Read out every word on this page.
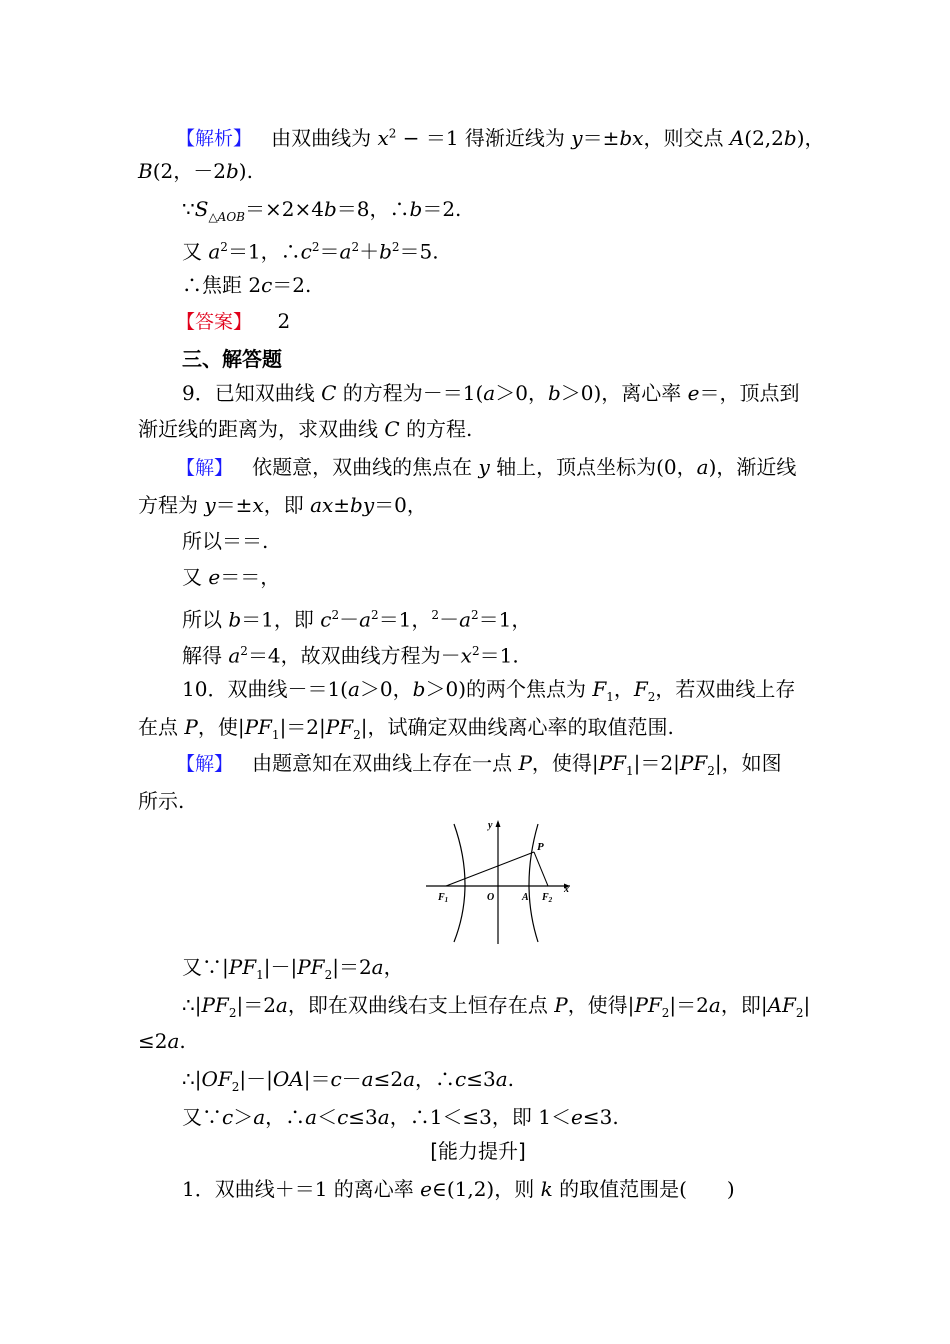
【解析】   由双曲线为 $x^2 - =1$ 得渐近线为 y＝±bx，则交点 A(2,2b)，
B(2，－2b).
$\because S_{\triangle AOB}=\times 2\times 4b=8$，∴b＝2.
又 $a^2=1$，$\therefore c^2=a^2+b^2=5$.
∴焦距 2c＝2.
【答案】    2
三、解答题
9．已知双曲线 C 的方程为－＝1(a＞0，b＞0)，离心率 e＝，顶点到
渐近线的距离为，求双曲线 C 的方程.
【解】   依题意，双曲线的焦点在 y 轴上，顶点坐标为(0，a)，渐近线
方程为 y＝±x，即 ax±by＝0，
所以＝＝.
又 e＝＝，
所以 b＝1，即 $c^2-a^2=1$，$^2-a^2=1$，
解得 $a^2=4$，故双曲线方程为$-x^2=1$.
10．双曲线－＝1(a＞0，b＞0)的两个焦点为 $F_1$，$F_2$，若双曲线上存
在点 P，使$|PF_1|=2|PF_2|$，试确定双曲线离心率的取值范围.
【解】   由题意知在双曲线上存在一点 P，使得$|PF_1|=2|PF_2|$，如图
所示.
y
x
P
$F_1$	O	A $F_2$
又$\because|PF_1|-|PF_2|=2a$，
$\therefore|PF_2|=2a$，即在双曲线右支上恒存在点 P，使得$|PF_2|=2a$，即$|AF_2|$
≤2a.
$\therefore|OF_2|-|OA|=c-a\le 2a$，∴c≤3a.
又∵c＞a，∴a＜c≤3a，∴1＜≤3，即 1＜e≤3.
[能力提升]
1．双曲线＋＝1 的离心率 e∈(1,2)，则 k 的取值范围是(　　)
